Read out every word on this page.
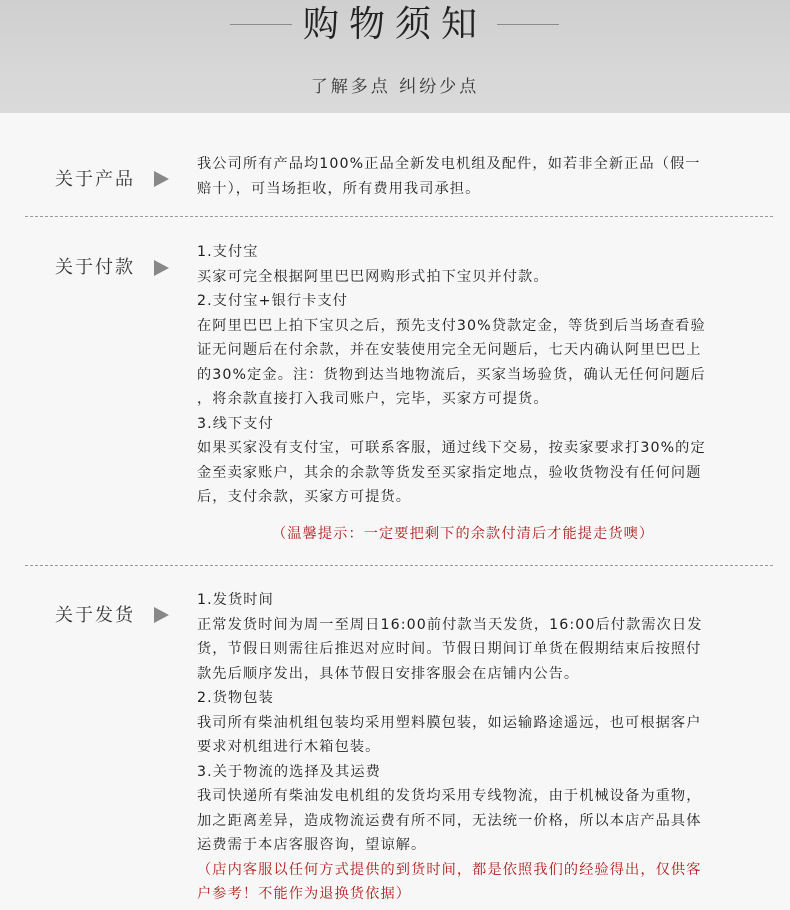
购物须知
了解多点 纠纷少点
关于产品

我公司所有产品均100%正品全新发电机组及配件，如若非全新正品（假一

赔十），可当场拒收，所有费用我司承担。

关于付款

1.支付宝

买家可完全根据阿里巴巴网购形式拍下宝贝并付款。

2.支付宝+银行卡支付

在阿里巴巴上拍下宝贝之后，预先支付30%贷款定金，等货到后当场查看验

证无问题后在付余款，并在安装使用完全无问题后，七天内确认阿里巴巴上

的30%定金。注：货物到达当地物流后，买家当场验货，确认无任何问题后

，将余款直接打入我司账户，完毕，买家方可提货。

3.线下支付

如果买家没有支付宝，可联系客服，通过线下交易，按卖家要求打30%的定

金至卖家账户，其余的余款等货发至买家指定地点，验收货物没有任何问题

后，支付余款，买家方可提货。

（温馨提示：一定要把剩下的余款付清后才能提走货噢）
关于发货

1.发货时间

正常发货时间为周一至周日16:00前付款当天发货，16:00后付款需次日发

货，节假日则需往后推迟对应时间。节假日期间订单货在假期结束后按照付

款先后顺序发出，具体节假日安排客服会在店铺内公告。

2.货物包装

我司所有柴油机组包装均采用塑料膜包装，如运输路途遥远，也可根据客户

要求对机组进行木箱包装。

3.关于物流的选择及其运费

我司快递所有柴油发电机组的发货均采用专线物流，由于机械设备为重物，

加之距离差异，造成物流运费有所不同，无法统一价格，所以本店产品具体

运费需于本店客服咨询，望谅解。

（店内客服以任何方式提供的到货时间，都是依照我们的经验得出，仅供客

户参考！不能作为退换货依据）
